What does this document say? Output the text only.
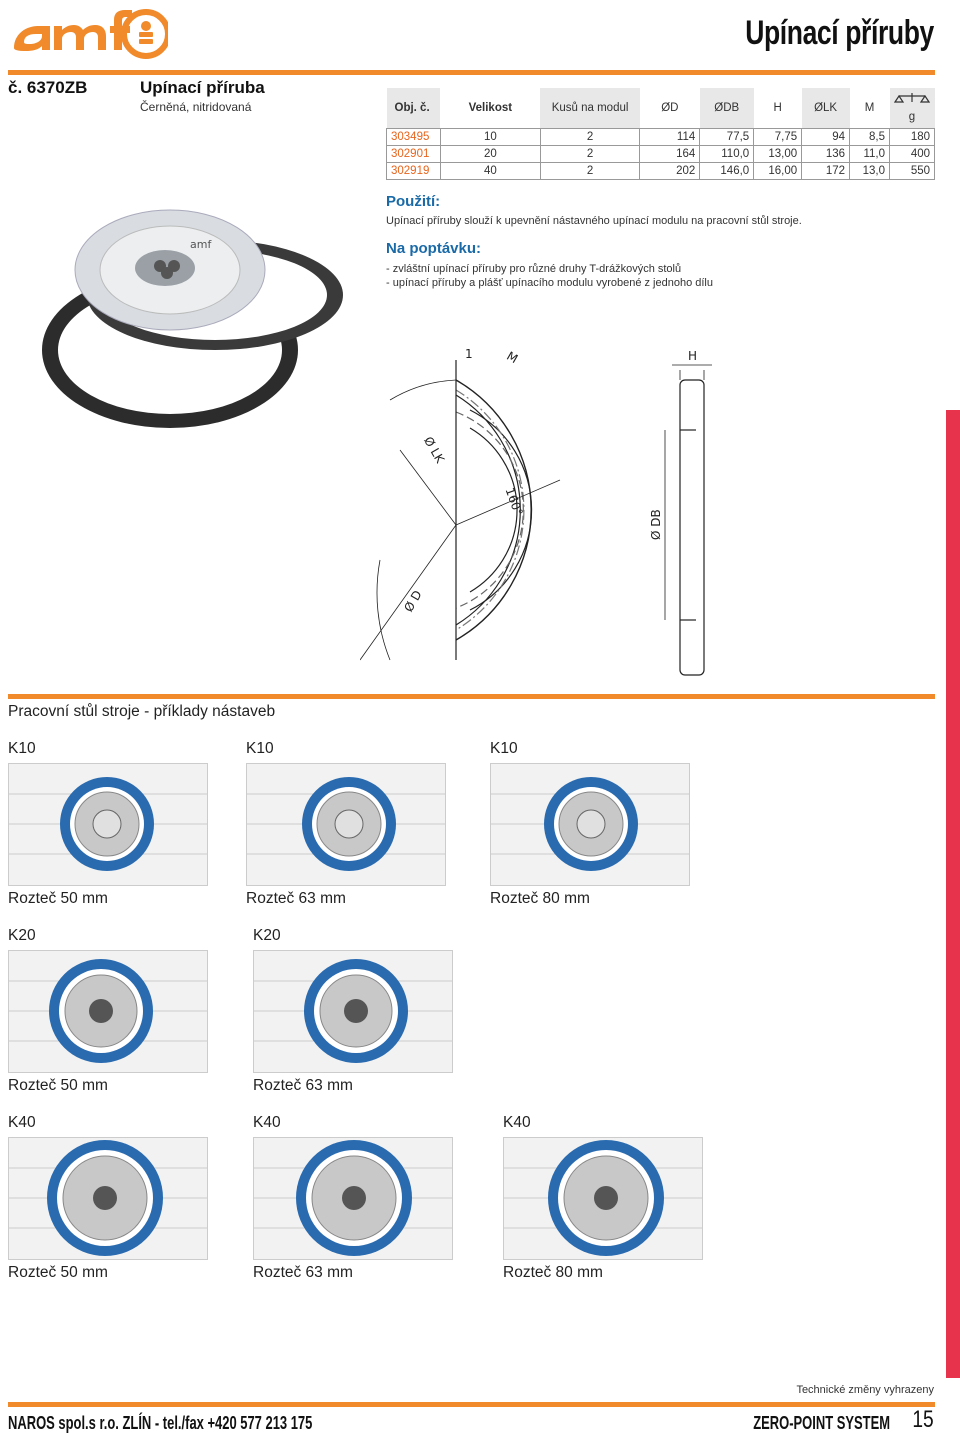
Upínací příruby
č. 6370ZB	Upínací příruba
Černěná, nitridovaná	Obj. č.	Velikost	Kusů na modul	ØD	ØDB	H	ØLK	M	g
303495	10	2	114	77,5	7,75	94	8,5	180
302901	20	2	164	110,0	13,00	136	11,0	400
302919	40	2	202	146,0	16,00	172	13,0	550
Použití:
Upínací příruby slouží k upevnění nástavného upínací modulu na pracovní stůl stroje.
Na poptávku:
- zvláštní upínací příruby pro různé druhy T-drážkových stolů
- upínací příruby a plášť upínacího modulu vyrobené z jednoho dílu
amf
1	M	H
Ø LK
160°
Ø DB
Ø D
Pracovní stůl stroje - příklady nástaveb
K10	K10	K10
Rozteč 50 mm	Rozteč 63 mm	Rozteč 80 mm
K20	K20
Rozteč 50 mm	Rozteč 63 mm
K40	K40	K40
Rozteč 50 mm	Rozteč 63 mm	Rozteč 80 mm
Technické změny vyhrazeny
NAROS spol.s r.o. ZLÍN - tel./fax +420 577 213 175	ZERO-POINT SYSTEM 15
